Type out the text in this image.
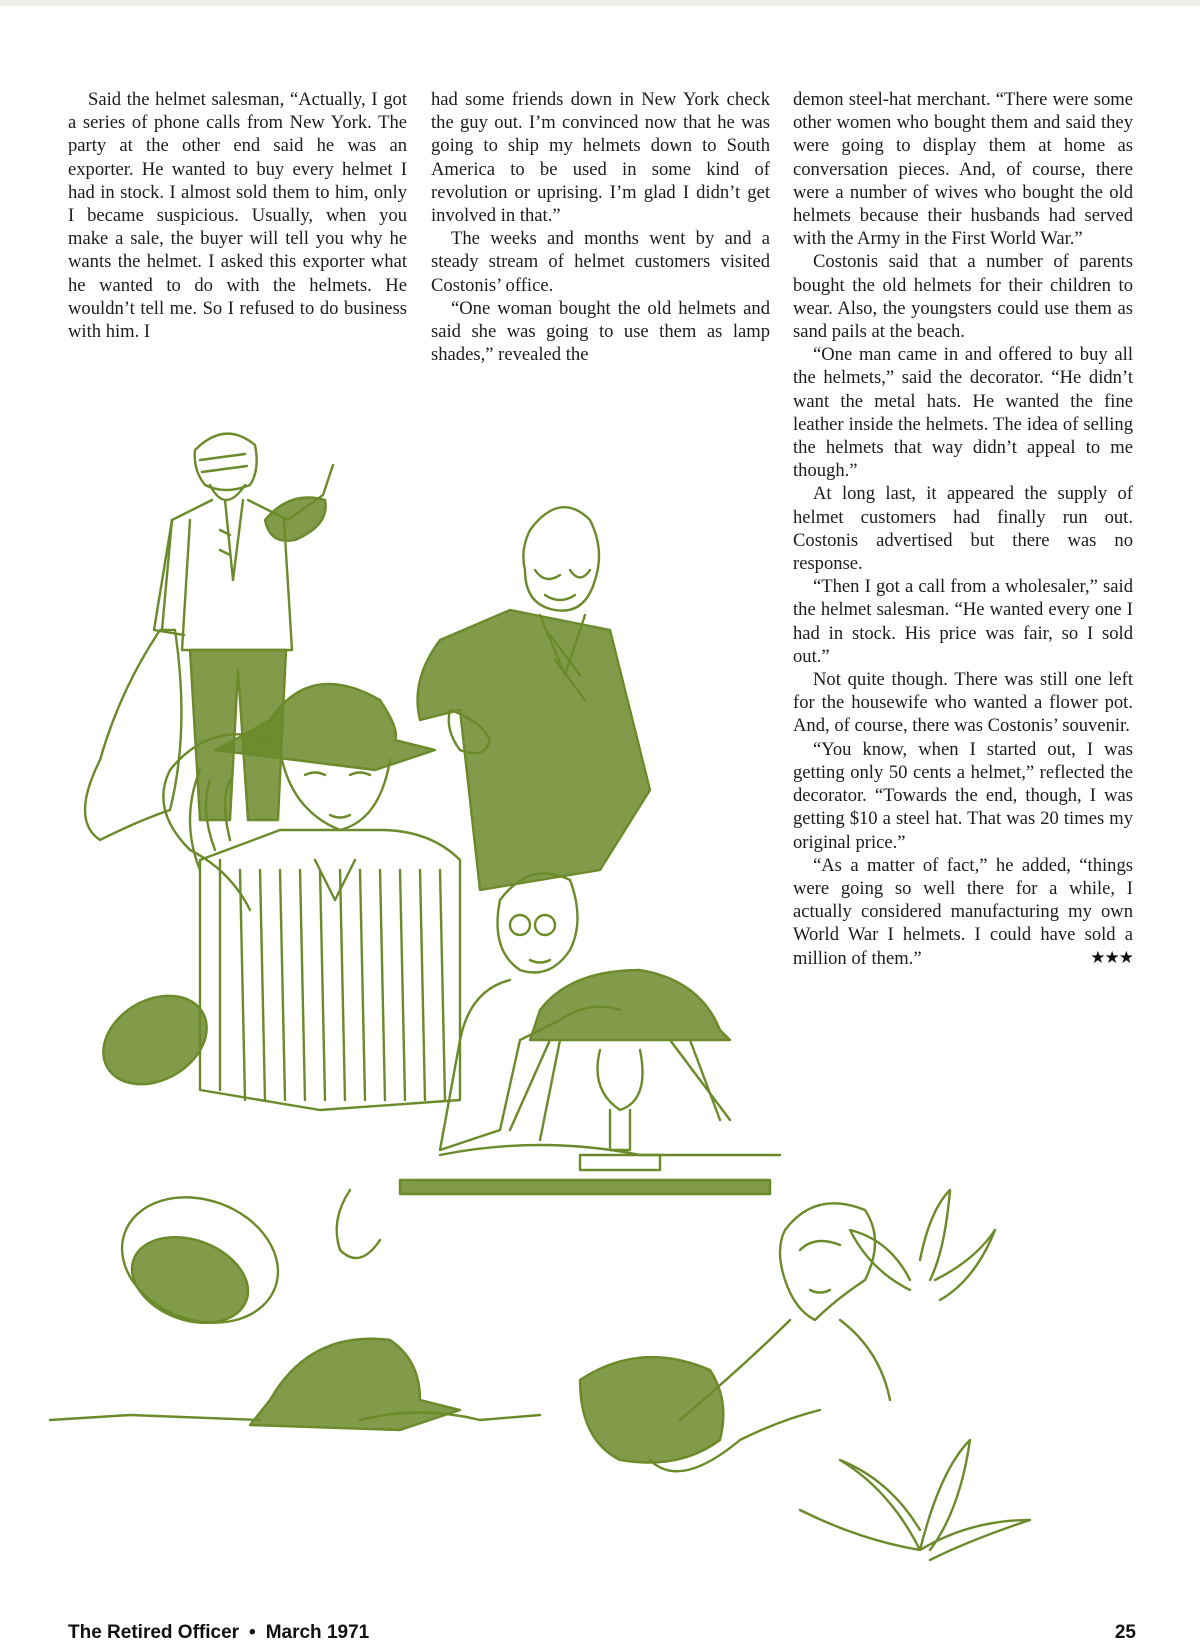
Said the helmet salesman, “Actually, I got a series of phone calls from New York. The party at the other end said he was an exporter. He wanted to buy every helmet I had in stock. I almost sold them to him, only I became suspicious. Usually, when you make a sale, the buyer will tell you why he wants the helmet. I asked this exporter what he wanted to do with the helmets. He wouldn’t tell me. So I refused to do business with him. I

had some friends down in New York check the guy out. I’m convinced now that he was going to ship my helmets down to South America to be used in some kind of revolution or uprising. I’m glad I didn’t get involved in that.”

The weeks and months went by and a steady stream of helmet customers visited Costonis’ office.

“One woman bought the old helmets and said she was going to use them as lamp shades,” revealed the

demon steel-hat merchant. “There were some other women who bought them and said they were going to display them at home as conversation pieces. And, of course, there were a number of wives who bought the old helmets because their husbands had served with the Army in the First World War.”

Costonis said that a number of parents bought the old helmets for their children to wear. Also, the youngsters could use them as sand pails at the beach.

“One man came in and offered to buy all the helmets,” said the decorator. “He didn’t want the metal hats. He wanted the fine leather inside the helmets. The idea of selling the helmets that way didn’t appeal to me though.”

At long last, it appeared the supply of helmet customers had finally run out. Costonis advertised but there was no response.

“Then I got a call from a wholesaler,” said the helmet salesman. “He wanted every one I had in stock. His price was fair, so I sold out.”

Not quite though. There was still one left for the housewife who wanted a flower pot. And, of course, there was Costonis’ souvenir.

“You know, when I started out, I was getting only 50 cents a helmet,” reflected the decorator. “Towards the end, though, I was getting $10 a steel hat. That was 20 times my original price.”

“As a matter of fact,” he added, “things were going so well there for a while, I actually considered manufacturing my own World War I helmets. I could have sold a million of them.”	★★★

The Retired Officer • March 1971	25
